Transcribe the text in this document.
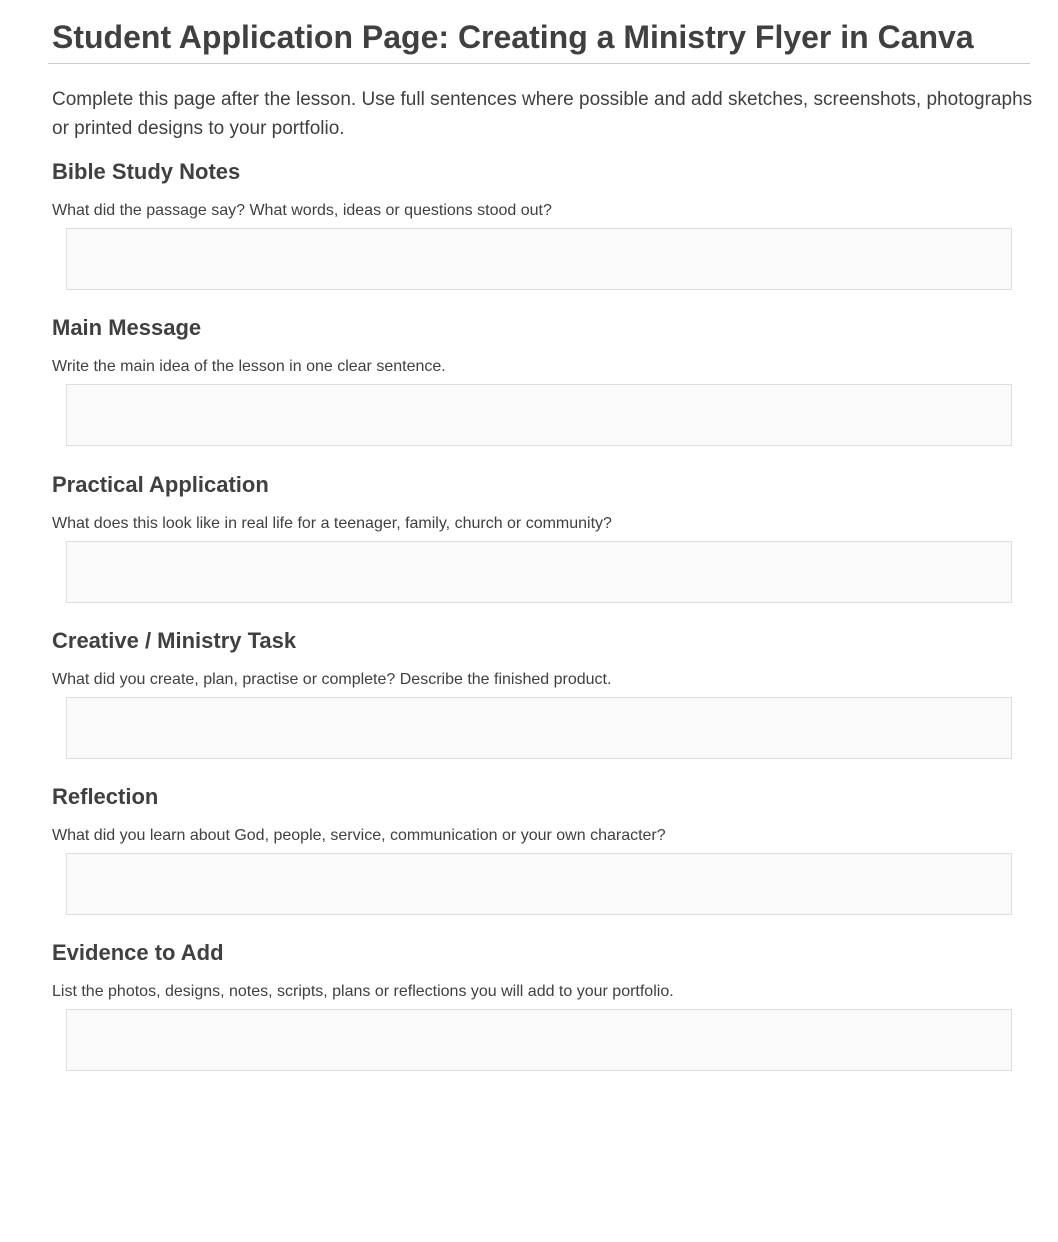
Student Application Page: Creating a Ministry Flyer in Canva

Complete this page after the lesson. Use full sentences where possible and add sketches, screenshots, photographs or printed designs to your portfolio.

Bible Study Notes

What did the passage say? What words, ideas or questions stood out?

Main Message

Write the main idea of the lesson in one clear sentence.

Practical Application

What does this look like in real life for a teenager, family, church or community?

Creative / Ministry Task

What did you create, plan, practise or complete? Describe the finished product.

Reflection

What did you learn about God, people, service, communication or your own character?

Evidence to Add

List the photos, designs, notes, scripts, plans or reflections you will add to your portfolio.
